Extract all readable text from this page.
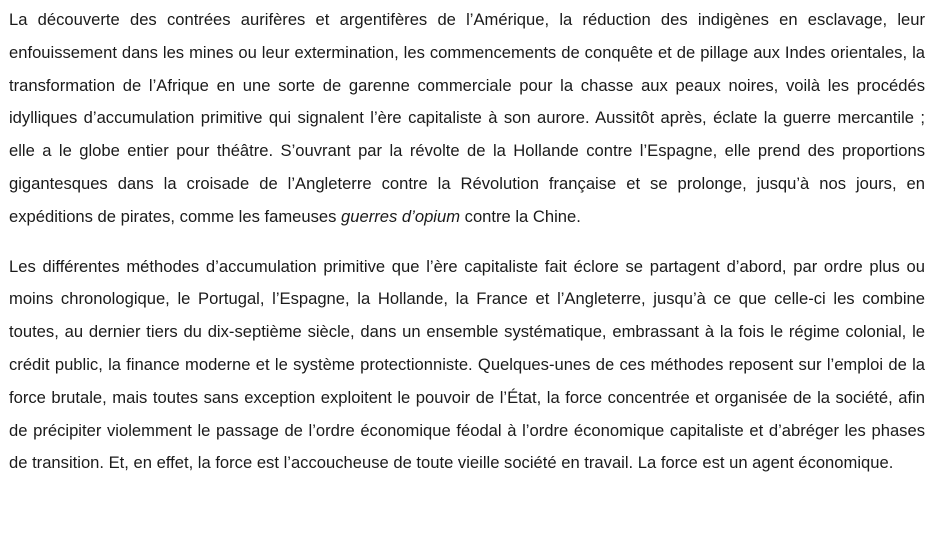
La découverte des contrées aurifères et argentifères de l’Amérique, la réduction des indigènes en esclavage, leur enfouissement dans les mines ou leur extermination, les commencements de conquête et de pillage aux Indes orientales, la transformation de l’Afrique en une sorte de garenne commerciale pour la chasse aux peaux noires, voilà les procédés idylliques d’accumulation primitive qui signalent l’ère capitaliste à son aurore. Aussitôt après, éclate la guerre mercantile ; elle a le globe entier pour théâtre. S’ouvrant par la révolte de la Hollande contre l’Espagne, elle prend des proportions gigantesques dans la croisade de l’Angleterre contre la Révolution française et se prolonge, jusqu’à nos jours, en expéditions de pirates, comme les fameuses guerres d’opium contre la Chine.

Les différentes méthodes d’accumulation primitive que l’ère capitaliste fait éclore se partagent d’abord, par ordre plus ou moins chronologique, le Portugal, l’Espagne, la Hollande, la France et l’Angleterre, jusqu’à ce que celle-ci les combine toutes, au dernier tiers du dix-septième siècle, dans un ensemble systématique, embrassant à la fois le régime colonial, le crédit public, la finance moderne et le système protectionniste. Quelques-unes de ces méthodes reposent sur l’emploi de la force brutale, mais toutes sans exception exploitent le pouvoir de l’État, la force concentrée et organisée de la société, afin de précipiter violemment le passage de l’ordre économique féodal à l’ordre économique capitaliste et d’abréger les phases de transition. Et, en effet, la force est l’accoucheuse de toute vieille société en travail. La force est un agent économique.
